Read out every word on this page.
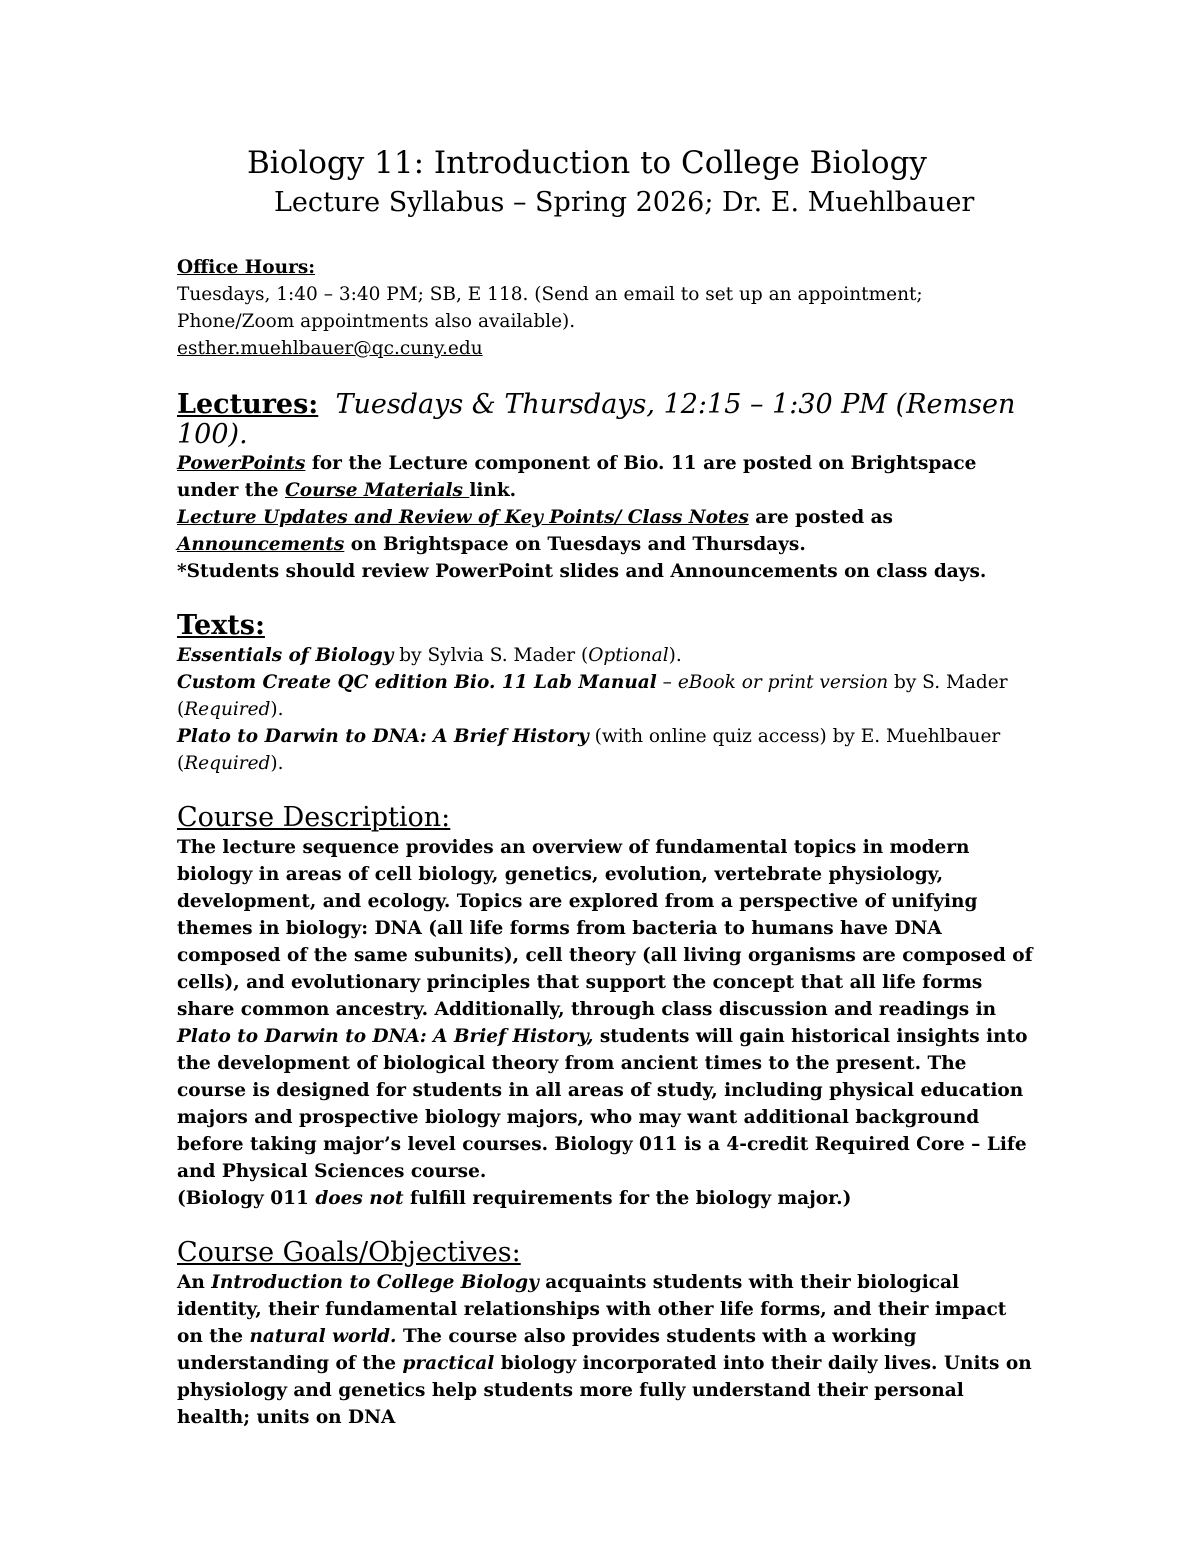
Biology 11: Introduction to College Biology
Lecture Syllabus – Spring 2026; Dr. E. Muehlbauer

Office Hours:

Tuesdays, 1:40 – 3:40 PM; SB, E 118. (Send an email to set up an appointment;

Phone/Zoom appointments also available).

esther.muehlbauer@qc.cuny.edu

Lectures: Tuesdays & Thursdays, 12:15 – 1:30 PM (Remsen 100).

PowerPoints for the Lecture component of Bio. 11 are posted on Brightspace under the Course Materials link.

Lecture Updates and Review of Key Points/ Class Notes are posted as Announcements on Brightspace on Tuesdays and Thursdays.

*Students should review PowerPoint slides and Announcements on class days.

Texts:

Essentials of Biology by Sylvia S. Mader (Optional).

Custom Create QC edition Bio. 11 Lab Manual – eBook or print version by S. Mader (Required).

Plato to Darwin to DNA: A Brief History (with online quiz access) by E. Muehlbauer (Required).

Course Description:

The lecture sequence provides an overview of fundamental topics in modern biology in areas of cell biology, genetics, evolution, vertebrate physiology, development, and ecology. Topics are explored from a perspective of unifying themes in biology: DNA (all life forms from bacteria to humans have DNA composed of the same subunits), cell theory (all living organisms are composed of cells), and evolutionary principles that support the concept that all life forms share common ancestry. Additionally, through class discussion and readings in Plato to Darwin to DNA: A Brief History, students will gain historical insights into the development of biological theory from ancient times to the present. The course is designed for students in all areas of study, including physical education majors and prospective biology majors, who may want additional background before taking major’s level courses. Biology 011 is a 4-credit Required Core – Life and Physical Sciences course.

(Biology 011 does not fulfill requirements for the biology major.)

Course Goals/Objectives:

An Introduction to College Biology acquaints students with their biological identity, their fundamental relationships with other life forms, and their impact on the natural world. The course also provides students with a working understanding of the practical biology incorporated into their daily lives. Units on physiology and genetics help students more fully understand their personal health; units on DNA
